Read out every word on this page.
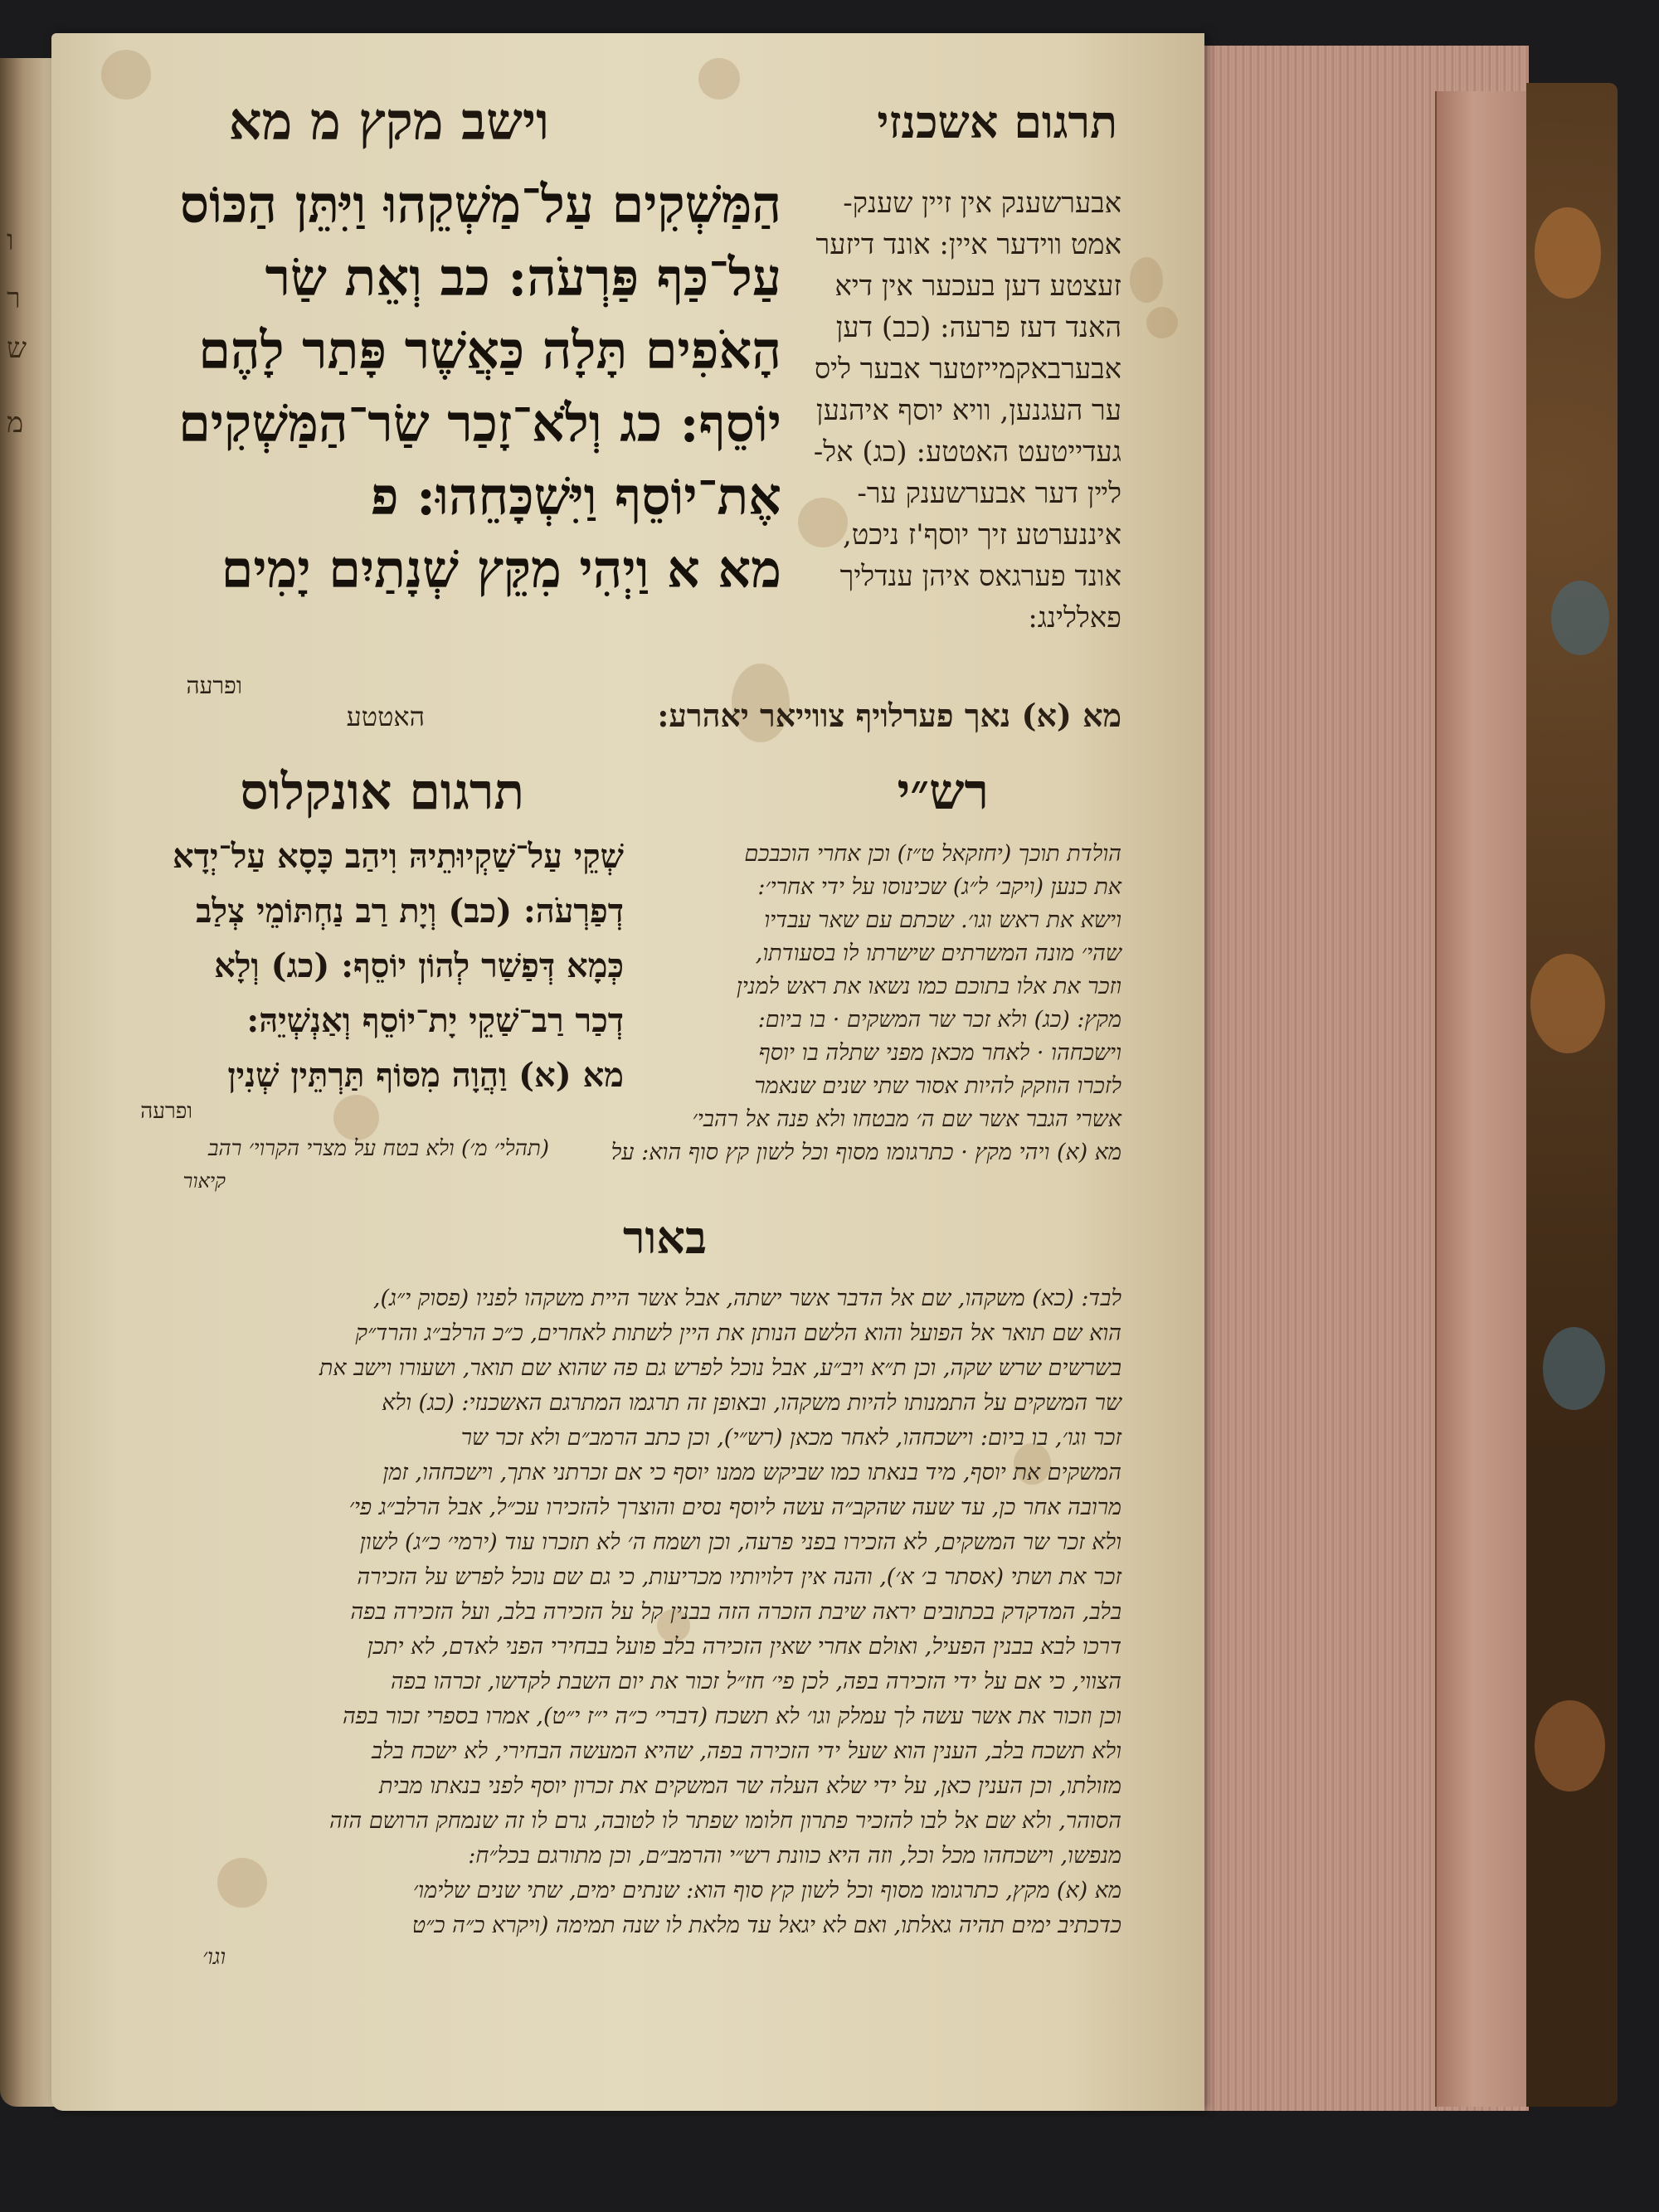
ו
ר
ש
מ
וישב מקץ מ מא	תרגום אשכנזי
הַמַּשְׁקִים עַל־מַשְׁקֵהוּ וַיִּתֵּן הַכּוֹס
עַל־כַּף פַּרְעֹה: כב וְאֵת שַׂר
הָאֹפִים תָּלָה כַּאֲשֶׁר פָּתַר לָהֶם
יוֹסֵף: כג וְלֹא־זָכַר שַׂר־הַמַּשְׁקִים
אֶת־יוֹסֵף וַיִּשְׁכָּחֵהוּ: פ
מא א וַיְהִי מִקֵּץ שְׁנָתַיִם יָמִים
אבערשענק אין זיין שענק-
אמט ווידער איין: אונד דיזער
זעצטע דען בעכער אין דיא
האנד דעז פרעה: (כב) דען
אבערבאקמייזטער אבער ליס
ער העגנען, וויא יוסף איהנען
געדייטעט האטטע: (כג) אל-
לײן דער אבערשענק ער-
איננערטע זיך יוסף'ז ניכט,
אונד פערגאס איהן ענדליך
פאללינג:
מא (א) נאך פערלויף צווייאר יאהרע:
ופרעה
האטטע
תרגום אונקלוס	רש״י
שְׁקֵי עַל־שַׁקְיוּתֵיהּ וִיהַב כָּסָא עַל־יְדָא
דְפַרְעֹה: (כב) וְיָת רַב נַחְתּוֹמֵי צְלַב
כְּמָא דְּפַשַׁר לְהוֹן יוֹסֵף: (כג) וְלָא
דְכַר רַב־שַׁקֵי יָת־יוֹסֵף וְאַנְשְׁיֵהּ:
מא (א) וַהֲוָה מִסּוֹף תַּרְתֵּין שְׁנִין
ופרעה
הולדת תוכך (יחזקאל ט״ז) וכן אחרי הוכבכם
את כנען (ויקב׳ ל״ג) שכינוסו על ידי אחרי׳:
וישא את ראש וגו׳. שכתם עם שאר עבדיו
שהי׳ מונה המשרתים שישרתו לו בסעודתו,
וזכר את אלו בתוכם כמו נשאו את ראש למנין
מקץ: (כג) ולא זכר שר המשקים · בו ביום:
וישכחהו · לאחר מכאן מפני שתלה בו יוסף
לזכרו הוזקק להיות אסור שתי שנים שנאמר
אשרי הגבר אשר שם ה׳ מבטחו ולא פנה אל רהבי׳
מא (א) ויהי מקץ · כתרגומו מסוף וכל לשון קץ סוף הוא: על
(תהלי׳ מ׳) ולא בטח על מצרי הקרוי׳ רהב
קיאור
באור
לבד: (כא) משקהו, שם אל הדבר אשר ישתה, אבל אשר היית משקהו לפניו (פסוק י״ג),
הוא שם תואר אל הפועל והוא הלשם הנותן את היין לשתות לאחרים, כ״כ הרלב״ג והרד״ק
בשרשים שרש שקה, וכן ת״א ויב״ע, אבל נוכל לפרש גם פה שהוא שם תואר, ושעורו וישב את
שר המשקים על התמנותו להיות משקהו, ובאופן זה תרגמו המתרגם האשכנזי: (כג) ולא
זכר וגו׳, בו ביום: וישכחהו, לאחר מכאן (רש״י), וכן כתב הרמב״ם ולא זכר שר
המשקים את יוסף, מיד בנאתו כמו שביקש ממנו יוסף כי אם זכרתני אתך, וישכחהו, זמן
מרובה אחר כן, עד שעה שהקב״ה עשה ליוסף נסים והוצרך להזכירו עכ״ל, אבל הרלב״ג פי׳
ולא זכר שר המשקים, לא הזכירו בפני פרעה, וכן ושמח ה׳ לא תזכרו עוד (ירמי׳ כ״ג) לשון
זכר את ושתי (אסתר ב׳ א׳), והנה אין דלויותיו מכריעות, כי גם שם נוכל לפרש על הזכירה
בלב, המדקדק בכתובים יראה שיבת הזכרה הזה בבנין קל על הזכירה בלב, ועל הזכירה בפה
דרכו לבא בבנין הפעיל, ואולם אחרי שאין הזכירה בלב פועל בבחירי הפני לאדם, לא יתכן
הצווי, כי אם על ידי הזכירה בפה, לכן פי׳ חז״ל זכור את יום השבת לקדשו, זכרהו בפה
וכן וזכור את אשר עשה לך עמלק וגו׳ לא תשכח (דברי׳ כ״ה י״ז י״ט), אמרו בספרי זכור בפה
ולא תשכח בלב, הענין הוא שעל ידי הזכירה בפה, שהיא המעשה הבחירי, לא ישכח בלב
מזולתו, וכן הענין כאן, על ידי שלא העלה שר המשקים את זכרון יוסף לפני בנאתו מבית
הסוהר, ולא שם אל לבו להזכיר פתרון חלומו שפתר לו לטובה, גרם לו זה שנמחק הרושם הזה
מנפשו, וישכחהו מכל וכל, וזה היא כוונת רש״י והרמב״ם, וכן מתורגם בכל״ח:
מא (א) מקץ, כתרגומו מסוף וכל לשון קץ סוף הוא: שנתים ימים, שתי שנים שלימו׳
כדכתיב ימים תהיה גאלתו, ואם לא יגאל עד מלאת לו שנה תמימה (ויקרא כ״ה כ״ט
וגו׳
